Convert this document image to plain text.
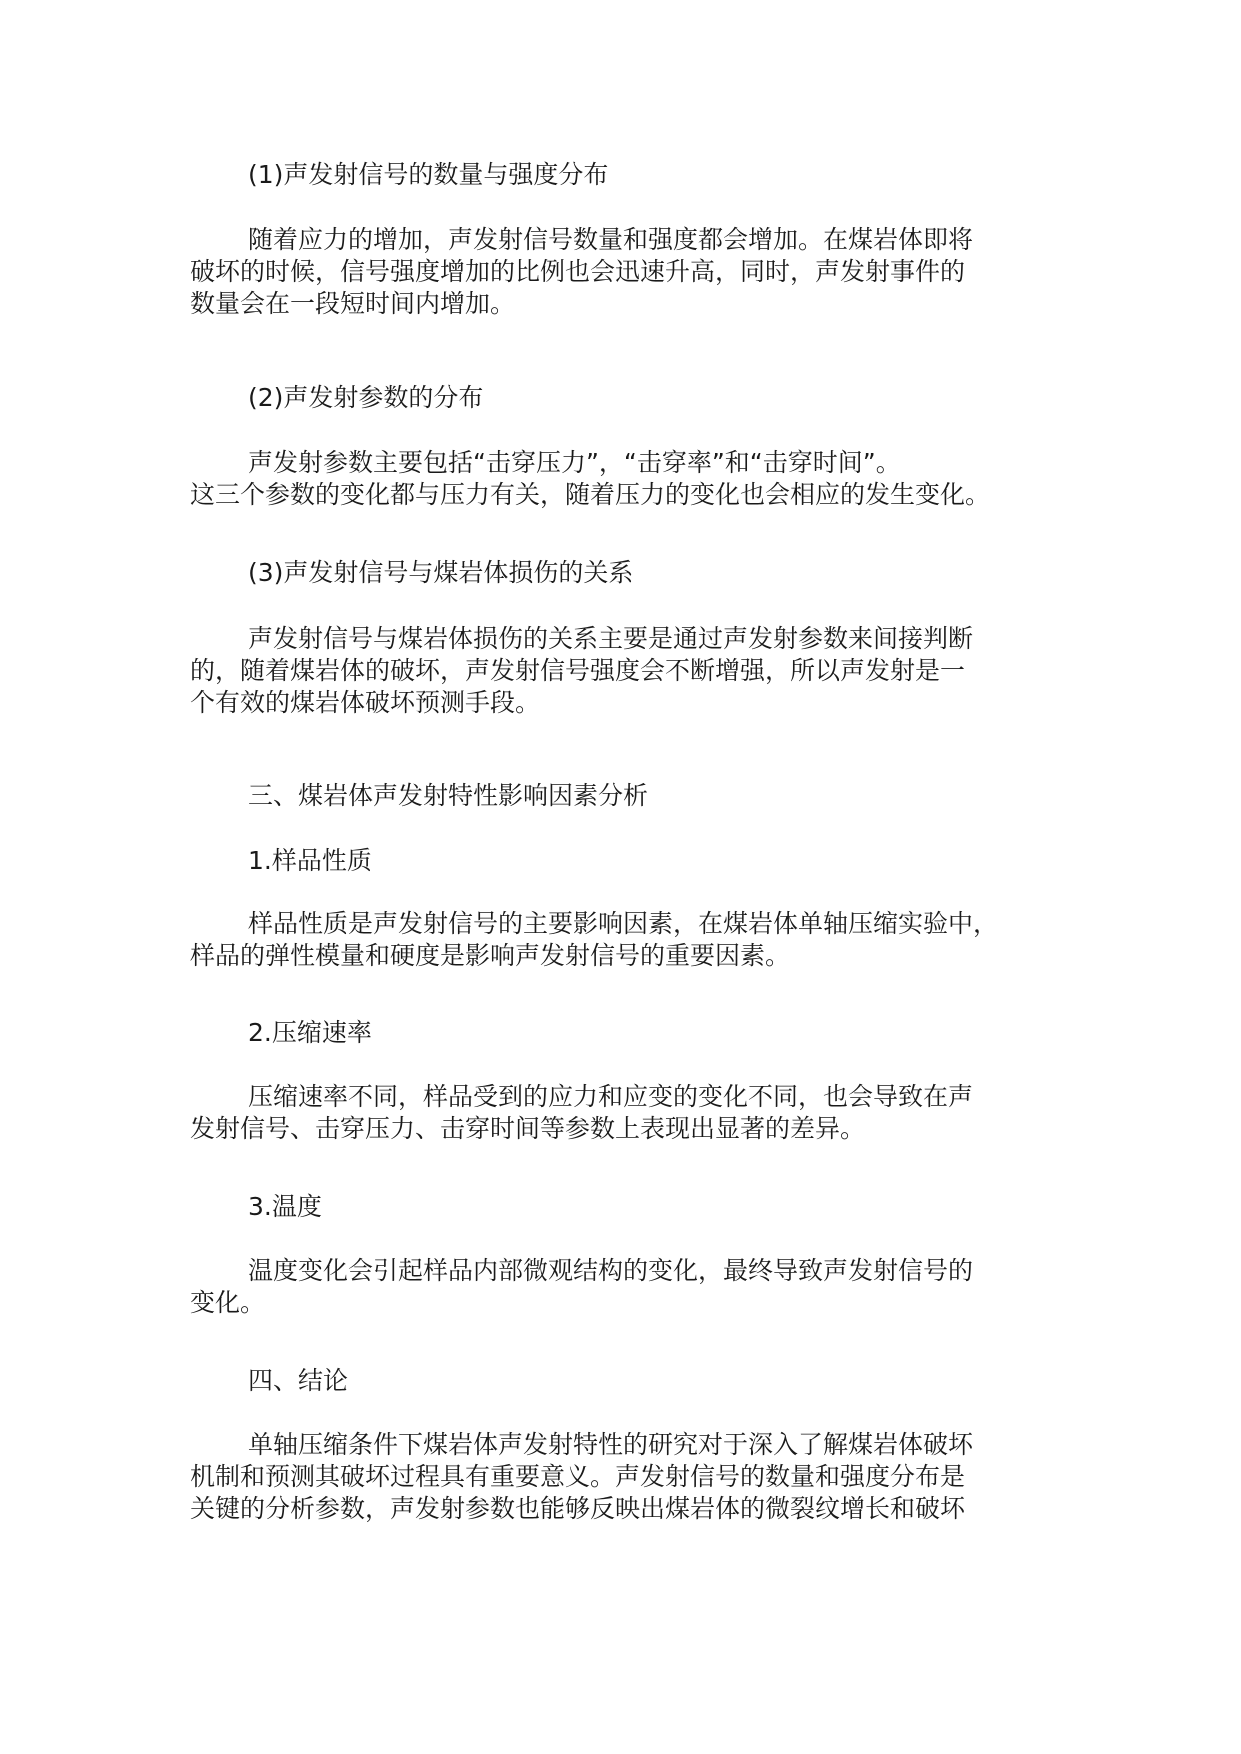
(1)声发射信号的数量与强度分布

随着应力的增加，声发射信号数量和强度都会增加。在煤岩体即将
破坏的时候，信号强度增加的比例也会迅速升高，同时，声发射事件的
数量会在一段短时间内增加。

(2)声发射参数的分布

声发射参数主要包括“击穿压力”，“击穿率”和“击穿时间”。
这三个参数的变化都与压力有关，随着压力的变化也会相应的发生变化。

(3)声发射信号与煤岩体损伤的关系

声发射信号与煤岩体损伤的关系主要是通过声发射参数来间接判断
的，随着煤岩体的破坏，声发射信号强度会不断增强，所以声发射是一
个有效的煤岩体破坏预测手段。

三、煤岩体声发射特性影响因素分析

1.样品性质

样品性质是声发射信号的主要影响因素，在煤岩体单轴压缩实验中，
样品的弹性模量和硬度是影响声发射信号的重要因素。

2.压缩速率

压缩速率不同，样品受到的应力和应变的变化不同，也会导致在声
发射信号、击穿压力、击穿时间等参数上表现出显著的差异。

3.温度

温度变化会引起样品内部微观结构的变化，最终导致声发射信号的
变化。

四、结论

单轴压缩条件下煤岩体声发射特性的研究对于深入了解煤岩体破坏
机制和预测其破坏过程具有重要意义。声发射信号的数量和强度分布是
关键的分析参数，声发射参数也能够反映出煤岩体的微裂纹增长和破坏
